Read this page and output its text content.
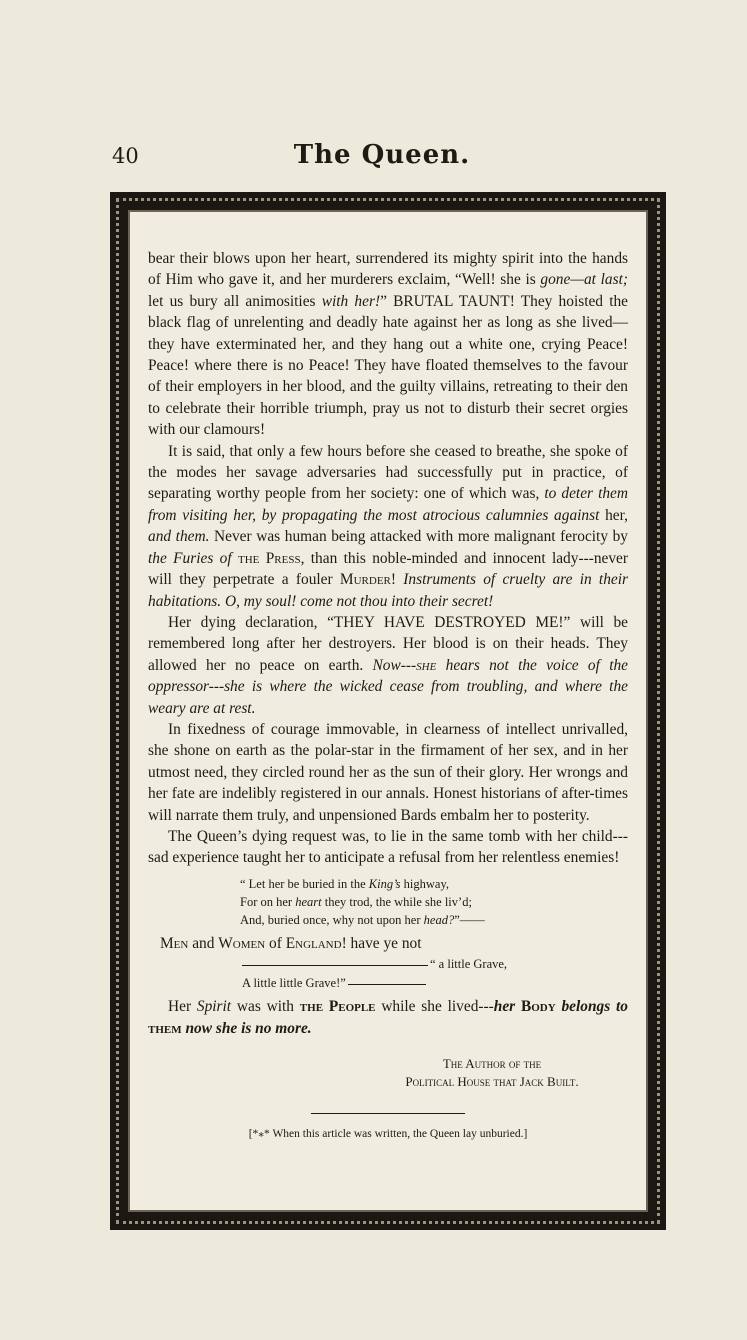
40	The Queen.

bear their blows upon her heart, surrendered its mighty spirit into the hands of Him who gave it, and her murderers exclaim, “Well! she is gone—at last; let us bury all animosities with her!” BRUTAL TAUNT! They hoisted the black flag of unrelenting and deadly hate against her as long as she lived—they have exterminated her, and they hang out a white one, crying Peace! Peace! where there is no Peace! They have floated themselves to the favour of their employers in her blood, and the guilty villains, retreating to their den to celebrate their horrible triumph, pray us not to disturb their secret orgies with our clamours!

It is said, that only a few hours before she ceased to breathe, she spoke of the modes her savage adversaries had successfully put in practice, of separating worthy people from her society: one of which was, to deter them from visiting her, by propagating the most atrocious calumnies against her, and them. Never was human being attacked with more malignant ferocity by the Furies of the Press, than this noble-minded and innocent lady---never will they perpetrate a fouler Murder! Instruments of cruelty are in their habitations. O, my soul! come not thou into their secret!

Her dying declaration, “THEY HAVE DESTROYED ME!” will be remembered long after her destroyers. Her blood is on their heads. They allowed her no peace on earth. Now---she hears not the voice of the oppressor---she is where the wicked cease from troubling, and where the weary are at rest.

In fixedness of courage immovable, in clearness of intellect unrivalled, she shone on earth as the polar-star in the firmament of her sex, and in her utmost need, they circled round her as the sun of their glory. Her wrongs and her fate are indelibly registered in our annals. Honest historians of after-times will narrate them truly, and unpensioned Bards embalm her to posterity.

The Queen’s dying request was, to lie in the same tomb with her child---sad experience taught her to anticipate a refusal from her relentless enemies!

“ Let her be buried in the King’s highway,
For on her heart they trod, the while she liv’d;
And, buried once, why not upon her head?”——

Men and Women of England! have ye not

“ a little Grave,
A little little Grave!”

Her Spirit was with the People while she lived---her Body belongs to them now she is no more.

The Author of the
Political House that Jack Built.
[*⁎* When this article was written, the Queen lay unburied.]
